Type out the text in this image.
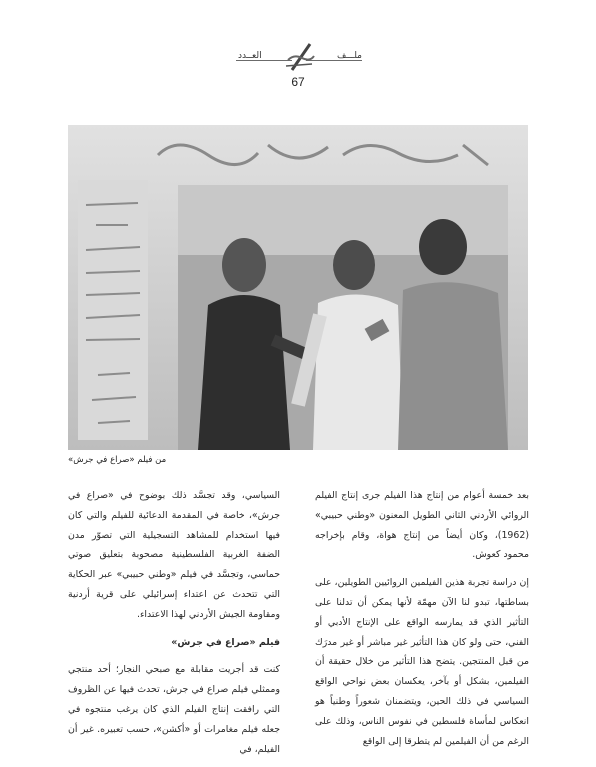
العــدد	ملـــف
67
من فيلم «صراع في جرش»

بعد خمسة أعوام من إنتاج هذا الفيلم جرى إنتاج الفيلم الروائي الأردني الثاني الطويل المعنون «وطني حبيبي» (1962)، وكان أيضاً من إنتاج هواة، وقام بإخراجه محمود كعوش.

إن دراسة تجربة هذين الفيلمين الروائيين الطويلين، على بساطتها، تبدو لنا الآن مهمّة لأنها يمكن أن تدلنا على التأثير الذي قد يمارسه الواقع على الإنتاج الأدبي أو الفني، حتى ولو كان هذا التأثير غير مباشر أو غير مدرَك من قبل المنتجين. يتضح هذا التأثير من خلال حقيقة أن الفيلمين، بشكل أو بآخر، يعكسان بعض نواحي الواقع السياسي في ذلك الحين، ويتضمنان شعوراً وطنياً هو انعكاس لمأساة فلسطين في نفوس الناس، وذلك على الرغم من أن الفيلمين لم يتطرقا إلى الواقع

السياسي، وقد تجسَّد ذلك بوضوح في «صراع في جرش»، خاصة في المقدمة الدعائية للفيلم والتي كان فيها استخدام للمشاهد التسجيلية التي تصوّر مدن الضفة الغربية الفلسطينية مصحوبة بتعليق صوتي حماسي، وتجسَّد في فيلم «وطني حبيبي» عبر الحكاية التي تتحدث عن اعتداء إسرائيلي على قرية أردنية ومقاومة الجيش الأردني لهذا الاعتداء.

فيلم «صراع في جرش»

كنت قد أجريت مقابلة مع صبحي النجار؛ أحد منتجي وممثلي فيلم صراع في جرش، تحدث فيها عن الظروف التي رافقت إنتاج الفيلم الذي كان يرغب منتجوه في جعله فيلم مغامرات أو «أكشن»، حسب تعبيره. غير أن الفيلم، في
